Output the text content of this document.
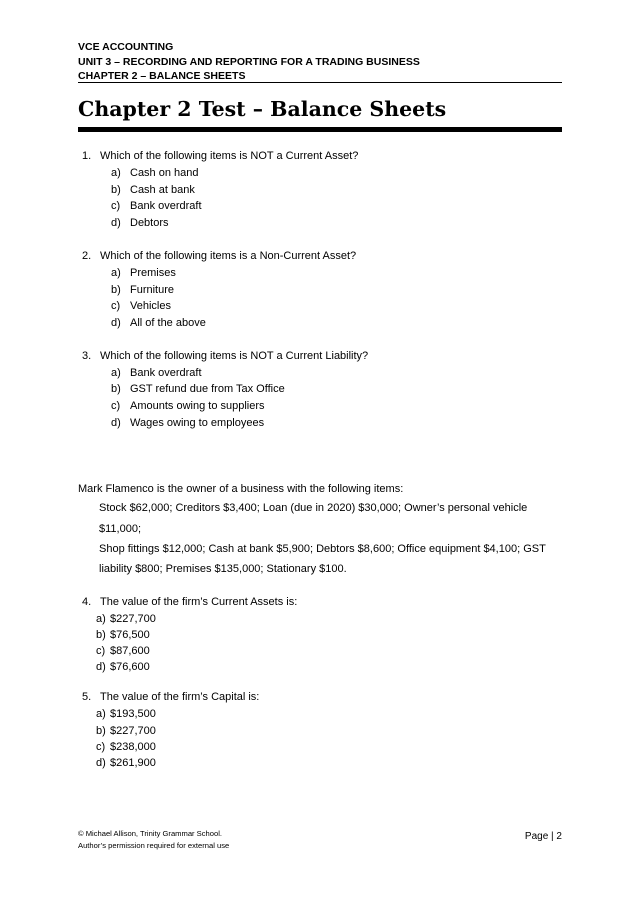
VCE ACCOUNTING
UNIT 3 – RECORDING AND REPORTING FOR A TRADING BUSINESS
CHAPTER 2 – BALANCE SHEETS
Chapter 2 Test – Balance Sheets
1. Which of the following items is NOT a Current Asset?
a) Cash on hand
b) Cash at bank
c) Bank overdraft
d) Debtors
2. Which of the following items is a Non-Current Asset?
a) Premises
b) Furniture
c) Vehicles
d) All of the above
3. Which of the following items is NOT a Current Liability?
a) Bank overdraft
b) GST refund due from Tax Office
c) Amounts owing to suppliers
d) Wages owing to employees
Mark Flamenco is the owner of a business with the following items:
Stock $62,000; Creditors $3,400; Loan (due in 2020) $30,000; Owner’s personal vehicle $11,000;
Shop fittings $12,000; Cash at bank $5,900; Debtors $8,600; Office equipment $4,100; GST
liability $800; Premises $135,000; Stationary $100.
4. The value of the firm’s Current Assets is:
a) $227,700
b) $76,500
c) $87,600
d) $76,600
5. The value of the firm’s Capital is:
a) $193,500
b) $227,700
c) $238,000
d) $261,900
© Michael Allison, Trinity Grammar School.
Author’s permission required for external use
Page | 2
